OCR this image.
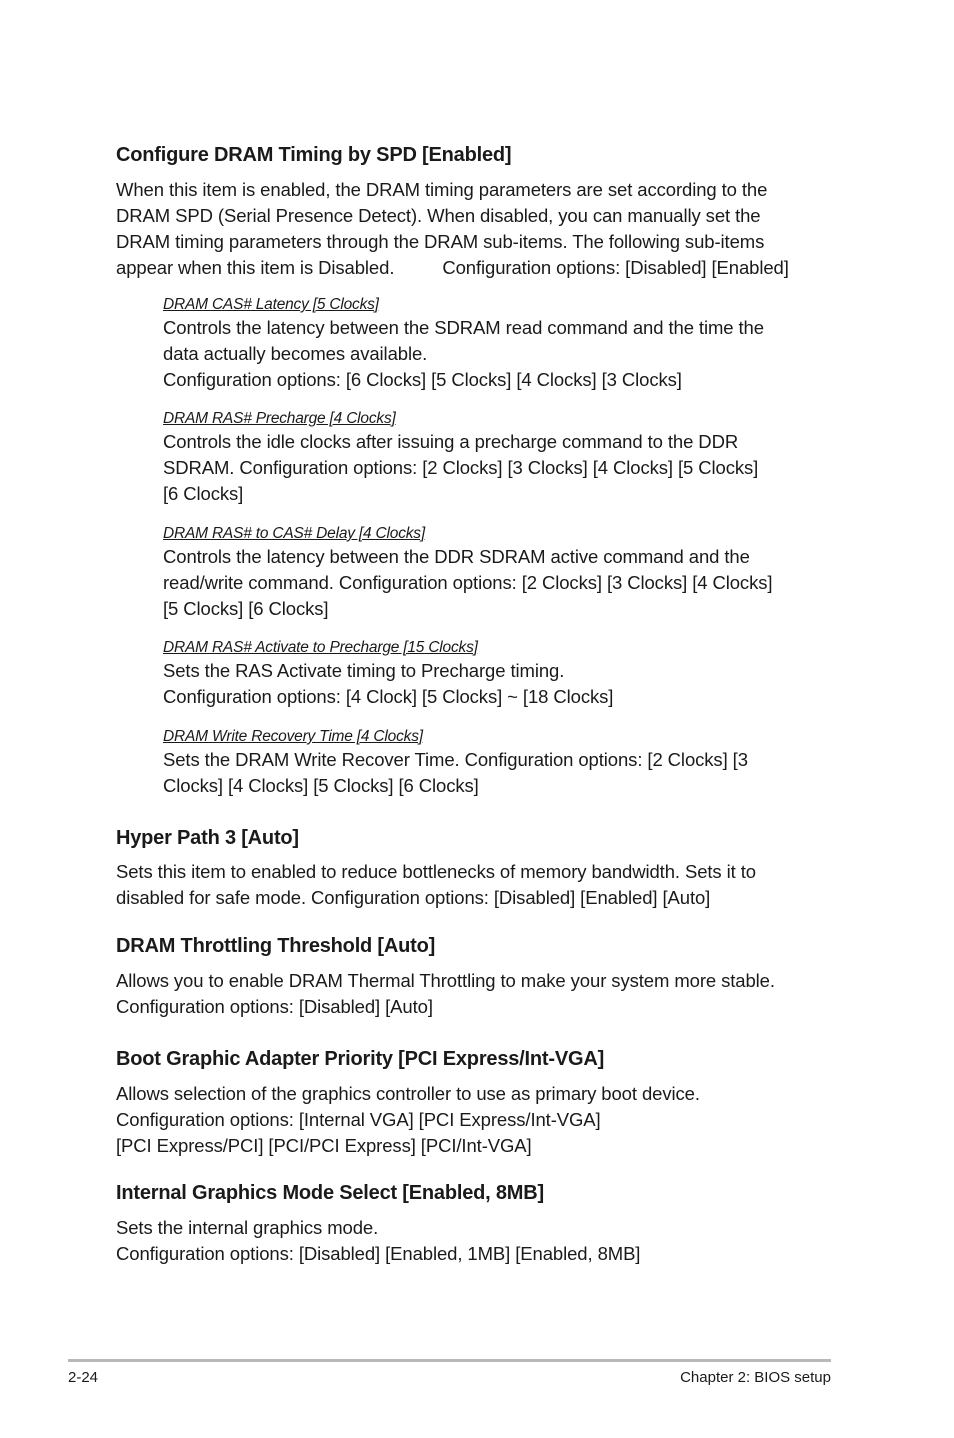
Configure DRAM Timing by SPD [Enabled]
When this item is enabled, the DRAM timing parameters are set according to the
DRAM SPD (Serial Presence Detect). When disabled, you can manually set the
DRAM timing parameters through the DRAM sub-items. The following sub-items
appear when this item is Disabled.	Configuration options: [Disabled] [Enabled]
DRAM CAS# Latency [5 Clocks]
Controls the latency between the SDRAM read command and the time the
data actually becomes available.
Configuration options: [6 Clocks] [5 Clocks] [4 Clocks] [3 Clocks]
DRAM RAS# Precharge [4 Clocks]
Controls the idle clocks after issuing a precharge command to the DDR
SDRAM. Configuration options: [2 Clocks] [3 Clocks] [4 Clocks] [5 Clocks]
[6 Clocks]
DRAM RAS# to CAS# Delay [4 Clocks]
Controls the latency between the DDR SDRAM active command and the
read/write command. Configuration options: [2 Clocks] [3 Clocks] [4 Clocks]
[5 Clocks] [6 Clocks]
DRAM RAS# Activate to Precharge [15 Clocks]
Sets the RAS Activate timing to Precharge timing.
Configuration options: [4 Clock] [5 Clocks] ~ [18 Clocks]
DRAM Write Recovery Time [4 Clocks]
Sets the DRAM Write Recover Time. Configuration options: [2 Clocks] [3
Clocks] [4 Clocks] [5 Clocks] [6 Clocks]
Hyper Path 3 [Auto]
Sets this item to enabled to reduce bottlenecks of memory bandwidth. Sets it to
disabled for safe mode. Configuration options: [Disabled] [Enabled] [Auto]
DRAM Throttling Threshold [Auto]
Allows you to enable DRAM Thermal Throttling to make your system more stable.
Configuration options: [Disabled] [Auto]
Boot Graphic Adapter Priority [PCI Express/Int-VGA]
Allows selection of the graphics controller to use as primary boot device.
Configuration options: [Internal VGA] [PCI Express/Int-VGA]
[PCI Express/PCI] [PCI/PCI Express] [PCI/Int-VGA]
Internal Graphics Mode Select [Enabled, 8MB]
Sets the internal graphics mode.
Configuration options: [Disabled] [Enabled, 1MB] [Enabled, 8MB]
2-24	Chapter 2: BIOS setup
